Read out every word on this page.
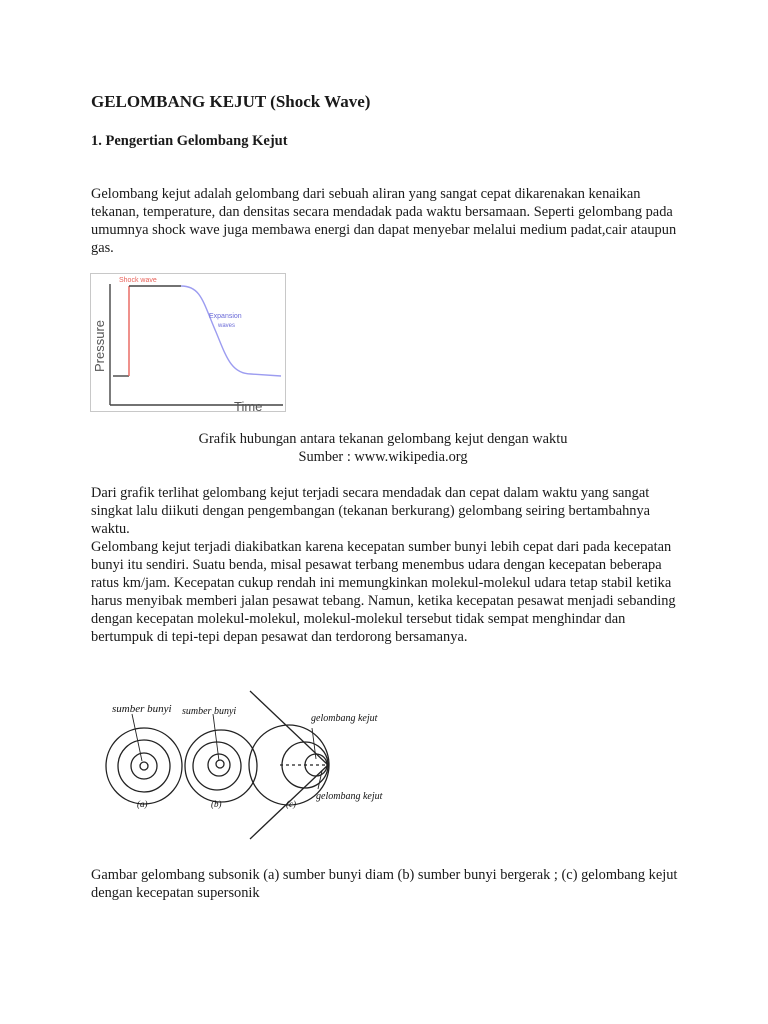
GELOMBANG KEJUT (Shock Wave)
1. Pengertian Gelombang Kejut
Gelombang kejut adalah gelombang dari sebuah aliran yang sangat cepat dikarenakan kenaikan tekanan, temperature, dan densitas secara mendadak pada waktu bersamaan. Seperti gelombang pada umumnya shock wave juga membawa energi dan dapat menyebar melalui medium padat,cair ataupun gas.
Shock wave
Expansion
waves
Pressure
Time
Grafik hubungan antara tekanan gelombang kejut dengan waktu
Sumber : www.wikipedia.org
Dari grafik terlihat gelombang kejut terjadi secara mendadak dan cepat dalam waktu yang sangat singkat lalu diikuti dengan pengembangan (tekanan berkurang) gelombang seiring bertambahnya waktu.
Gelombang kejut terjadi diakibatkan karena kecepatan sumber bunyi lebih cepat dari pada kecepatan bunyi itu sendiri. Suatu benda, misal pesawat terbang menembus udara dengan kecepatan beberapa ratus km/jam. Kecepatan cukup rendah ini memungkinkan molekul-molekul udara tetap stabil ketika harus menyibak memberi jalan pesawat tebang. Namun, ketika kecepatan pesawat menjadi sebanding dengan kecepatan molekul-molekul, molekul-molekul tersebut tidak sempat menghindar dan bertumpuk di tepi-tepi depan pesawat dan terdorong bersamanya.
sumber bunyi sumber bunyi
gelombang kejut
gelombang kejut
(a)	(b)	(c)
Gambar gelombang subsonik (a) sumber bunyi diam (b) sumber bunyi bergerak ; (c) gelombang kejut dengan kecepatan supersonik
